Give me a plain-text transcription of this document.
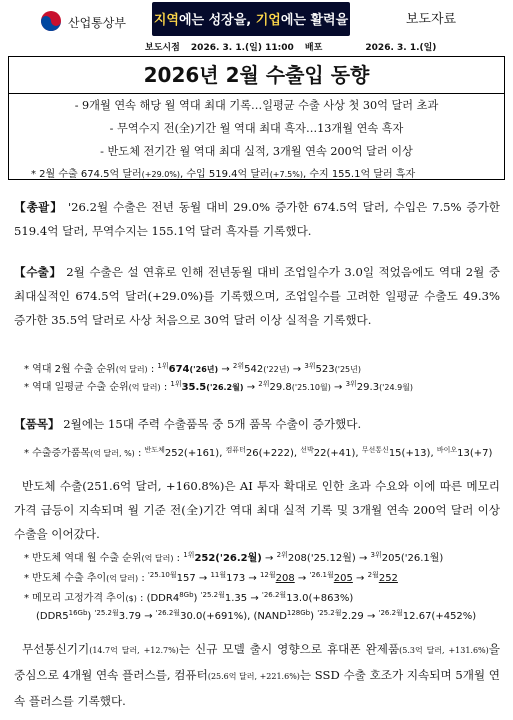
산업통상부 지역에는 성장을, 기업에는 활력을	보도자료
보도시점 2026. 3. 1.(일) 11:00 배포	2026. 3. 1.(일)
2026년 2월 수출입 동향
- 9개월 연속 해당 월 역대 최대 기록…일평균 수출 사상 첫 30억 달러 초과
- 무역수지 전(全)기간 월 역대 최대 흑자…13개월 연속 흑자
- 반도체 전기간 월 역대 최대 실적, 3개월 연속 200억 달러 이상
* 2월 수출 674.5억 달러(+29.0%), 수입 519.4억 달러(+7.5%), 수지 155.1억 달러 흑자
【총괄】 '26.2월 수출은 전년 동월 대비 29.0% 증가한 674.5억 달러, 수입은 7.5% 증가한 519.4억 달러, 무역수지는 155.1억 달러 흑자를 기록했다.
【수출】 2월 수출은 설 연휴로 인해 전년동월 대비 조업일수가 3.0일 적었음에도 역대 2월 중 최대실적인 674.5억 달러(+29.0%)를 기록했으며, 조업일수를 고려한 일평균 수출도 49.3% 증가한 35.5억 달러로 사상 처음으로 30억 달러 이상 실적을 기록했다.
* 역대 2월 수출 순위(억 달러) : $^{1위}$674('26년) → $^{2위}$542('22년) → $^{3위}$523('25년)
* 역대 일평균 수출 순위(억 달러) : $^{1위}$35.5('26.2월) → $^{2위}$29.8('25.10월) → $^{3위}$29.3('24.9월)
【품목】 2월에는 15대 주력 수출품목 중 5개 품목 수출이 증가했다.
* 수출증가품목(억 달러, %) : $^{반도체}$252(+161), $^{컴퓨터}$26(+222), $^{선박}$22(+41), $^{무선통신}$15(+13), $^{바이오}$13(+7)
반도체 수출(251.6억 달러, +160.8%)은 AI 투자 확대로 인한 초과 수요와 이에 따른 메모리 가격 급등이 지속되며 월 기준 전(全)기간 역대 최대 실적 기록 및 3개월 연속 200억 달러 이상 수출을 이어갔다.
* 반도체 역대 월 수출 순위(억 달러) : $^{1위}$252('26.2월) → $^{2위}$208('25.12월) → $^{3위}$205('26.1월)
* 반도체 수출 추이(억 달러) : $^{'25.10월}$157 → $^{11월}$173 → $^{12월}$208 → $^{'26.1월}$205 → $^{2월}$252
* 메모리 고정가격 추이($) : $(DDR4^{8Gb}) ^{'25.2월}1.35 \to ^{'26.2월}13.0(+863\%)$
$(DDR5^{16Gb}) ^{'25.2월}3.79 \to ^{'26.2월}30.0(+691\%)$, $(NAND^{128Gb}) ^{'25.2월}2.29 \to ^{'26.2월}12.67(+452\%)$
무선통신기기(14.7억 달러, +12.7%)는 신규 모델 출시 영향으로 휴대폰 완제품(5.3억 달러, +131.6%)을 중심으로 4개월 연속 플러스를, 컴퓨터(25.6억 달러, +221.6%)는 SSD 수출 호조가 지속되며 5개월 연속 플러스를 기록했다.
